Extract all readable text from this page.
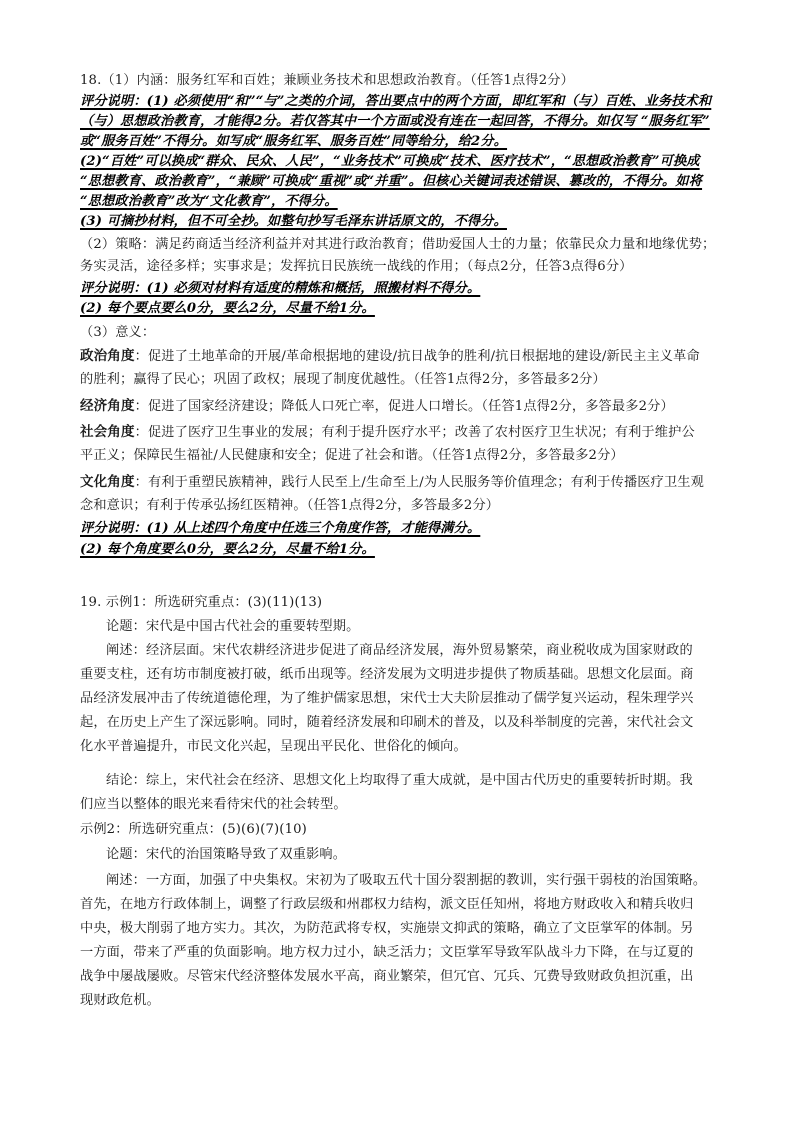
18.（1）内涵：服务红军和百姓；兼顾业务技术和思想政治教育。（任答1点得2分）
评分说明：(1) 必须使用“和”“与”之类的介词，答出要点中的两个方面，即红军和（与）百姓、业务技术和
（与）思想政治教育，才能得2分。若仅答其中一个方面或没有连在一起回答，不得分。如仅写 “服务红军”
或“服务百姓”不得分。如写成“服务红军、服务百姓”同等给分，给2分。
(2)“百姓”可以换成“群众、民众、人民”，“业务技术”可换成“技术、医疗技术”，“思想政治教育”可换成
“思想教育、政治教育”，“兼顾”可换成“重视”或“并重”。但核心关键词表述错误、篡改的，不得分。如将
“思想政治教育”改为“文化教育”，不得分。
(3) 可摘抄材料，但不可全抄。如整句抄写毛泽东讲话原文的，不得分。
（2）策略：满足药商适当经济利益并对其进行政治教育；借助爱国人士的力量；依靠民众力量和地缘优势；
务实灵活，途径多样；实事求是；发挥抗日民族统一战线的作用；（每点2分，任答3点得6分）
评分说明：(1) 必须对材料有适度的精炼和概括，照搬材料不得分。
(2) 每个要点要么0分，要么2分，尽量不给1分。
（3）意义：
政治角度：促进了土地革命的开展/革命根据地的建设/抗日战争的胜利/抗日根据地的建设/新民主主义革命
的胜利；赢得了民心；巩固了政权；展现了制度优越性。（任答1点得2分，多答最多2分）
经济角度：促进了国家经济建设；降低人口死亡率，促进人口增长。（任答1点得2分，多答最多2分）
社会角度：促进了医疗卫生事业的发展；有利于提升医疗水平；改善了农村医疗卫生状况；有利于维护公
平正义；保障民生福祉/人民健康和安全；促进了社会和谐。（任答1点得2分，多答最多2分）
文化角度：有利于重塑民族精神，践行人民至上/生命至上/为人民服务等价值理念；有利于传播医疗卫生观
念和意识；有利于传承弘扬红医精神。（任答1点得2分，多答最多2分）
评分说明：(1) 从上述四个角度中任选三个角度作答，才能得满分。
(2) 每个角度要么0分，要么2分，尽量不给1分。
19. 示例1：所选研究重点：(3)(11)(13)
论题：宋代是中国古代社会的重要转型期。
阐述：经济层面。宋代农耕经济进步促进了商品经济发展，海外贸易繁荣，商业税收成为国家财政的
重要支柱，还有坊市制度被打破，纸币出现等。经济发展为文明进步提供了物质基础。思想文化层面。商
品经济发展冲击了传统道德伦理，为了维护儒家思想，宋代士大夫阶层推动了儒学复兴运动，程朱理学兴
起，在历史上产生了深远影响。同时，随着经济发展和印刷术的普及，以及科举制度的完善，宋代社会文
化水平普遍提升，市民文化兴起，呈现出平民化、世俗化的倾向。
结论：综上，宋代社会在经济、思想文化上均取得了重大成就，是中国古代历史的重要转折时期。我
们应当以整体的眼光来看待宋代的社会转型。
示例2：所选研究重点：(5)(6)(7)(10)
论题：宋代的治国策略导致了双重影响。
阐述：一方面，加强了中央集权。宋初为了吸取五代十国分裂割据的教训，实行强干弱枝的治国策略。
首先，在地方行政体制上，调整了行政层级和州郡权力结构，派文臣任知州，将地方财政收入和精兵收归
中央，极大削弱了地方实力。其次，为防范武将专权，实施崇文抑武的策略，确立了文臣掌军的体制。另
一方面，带来了严重的负面影响。地方权力过小，缺乏活力；文臣掌军导致军队战斗力下降，在与辽夏的
战争中屡战屡败。尽管宋代经济整体发展水平高，商业繁荣，但冗官、冗兵、冗费导致财政负担沉重，出
现财政危机。
